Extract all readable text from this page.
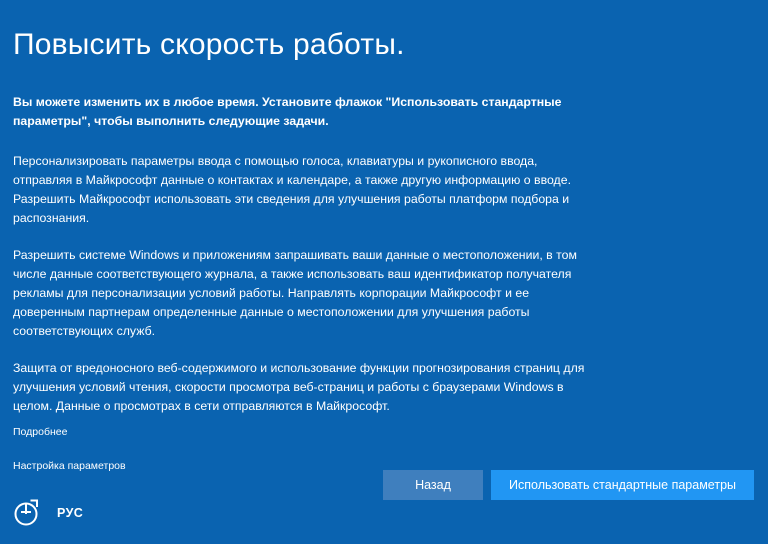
Повысить скорость работы.

Вы можете изменить их в любое время. Установите флажок "Использовать стандартные параметры", чтобы выполнить следующие задачи.

Персонализировать параметры ввода с помощью голоса, клавиатуры и рукописного ввода, отправляя в Майкрософт данные о контактах и календаре, а также другую информацию о вводе. Разрешить Майкрософт использовать эти сведения для улучшения работы платформ подбора и распознания.

Разрешить системе Windows и приложениям запрашивать ваши данные о местоположении, в том числе данные соответствующего журнала, а также использовать ваш идентификатор получателя рекламы для персонализации условий работы. Направлять корпорации Майкрософт и ее доверенным партнерам определенные данные о местоположении для улучшения работы соответствующих служб.

Защита от вредоносного веб-содержимого и использование функции прогнозирования страниц для улучшения условий чтения, скорости просмотра веб-страниц и работы с браузерами Windows в целом. Данные о просмотрах в сети отправляются в Майкрософт.

Подробнее
Настройка параметров
Назад	Использовать стандартные параметры
РУС
